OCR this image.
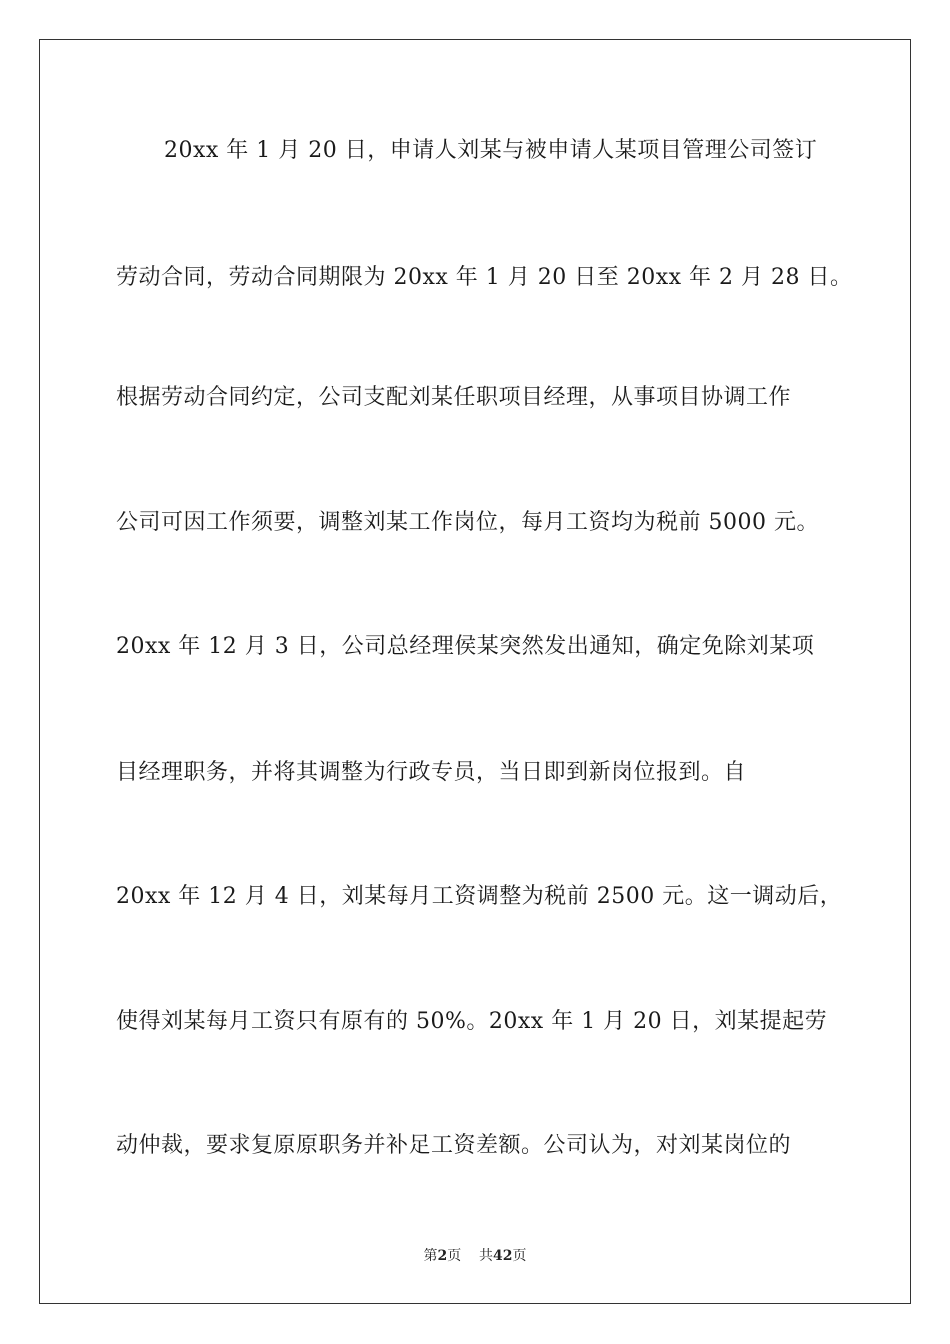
20xx 年 1 月 20 日，申请人刘某与被申请人某项目管理公司签订
劳动合同，劳动合同期限为 20xx 年 1 月 20 日至 20xx 年 2 月 28 日。
根据劳动合同约定，公司支配刘某任职项目经理，从事项目协调工作
公司可因工作须要，调整刘某工作岗位，每月工资均为税前 5000 元。
20xx 年 12 月 3 日，公司总经理侯某突然发出通知，确定免除刘某项
目经理职务，并将其调整为行政专员，当日即到新岗位报到。自
20xx 年 12 月 4 日，刘某每月工资调整为税前 2500 元。这一调动后，
使得刘某每月工资只有原有的 50%。20xx 年 1 月 20 日，刘某提起劳
动仲裁，要求复原原职务并补足工资差额。公司认为，对刘某岗位的
第2页 共42页
